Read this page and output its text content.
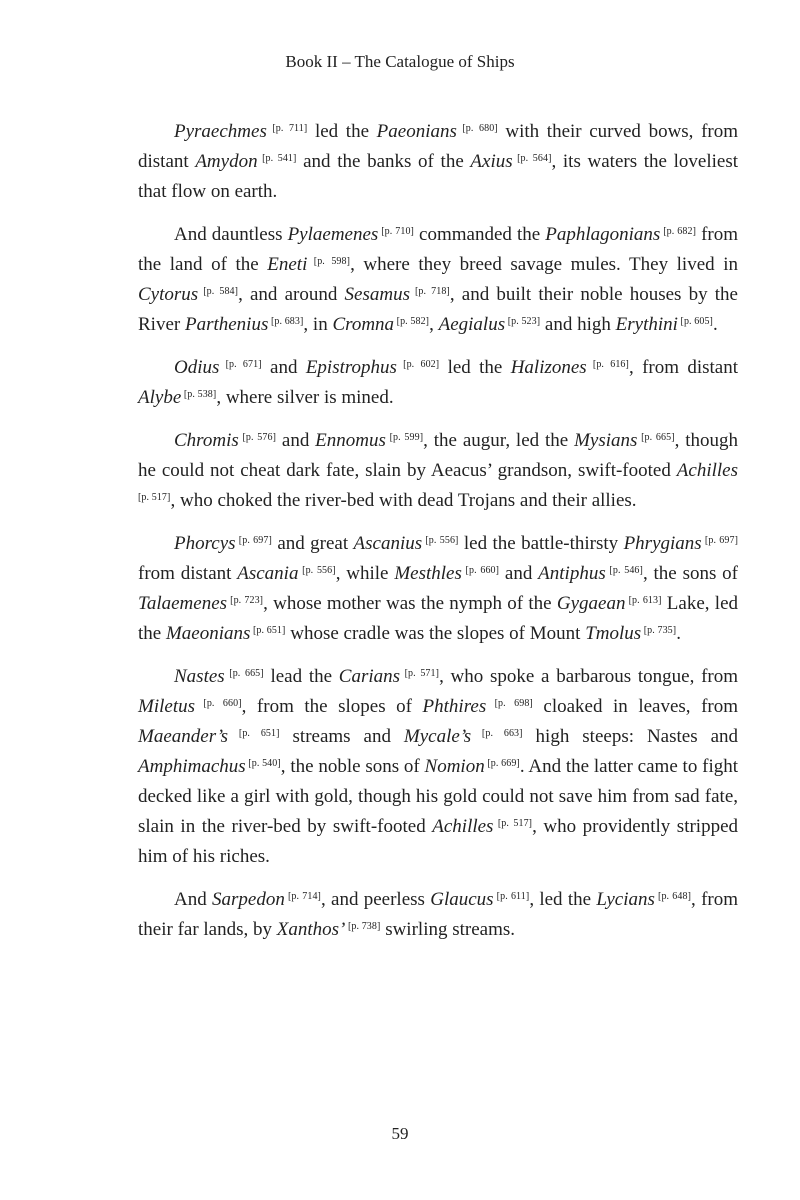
Book II – The Catalogue of Ships

Pyraechmes [p. 711] led the Paeonians [p. 680] with their curved bows, from distant Amydon [p. 541] and the banks of the Axius [p. 564], its waters the loveliest that flow on earth.

And dauntless Pylaemenes [p. 710] commanded the Paphlagonians [p. 682] from the land of the Eneti [p. 598], where they breed savage mules. They lived in Cytorus [p. 584], and around Sesamus [p. 718], and built their noble houses by the River Parthenius [p. 683], in Cromna [p. 582], Aegialus [p. 523] and high Erythini [p. 605].

Odius [p. 671] and Epistrophus [p. 602] led the Halizones [p. 616], from distant Alybe [p. 538], where silver is mined.

Chromis [p. 576] and Ennomus [p. 599], the augur, led the Mysians [p. 665], though he could not cheat dark fate, slain by Aeacus’ grandson, swift-footed Achilles [p. 517], who choked the river-bed with dead Trojans and their allies.

Phorcys [p. 697] and great Ascanius [p. 556] led the battle-thirsty Phrygians [p. 697] from distant Ascania [p. 556], while Mesthles [p. 660] and Antiphus [p. 546], the sons of Talaemenes [p. 723], whose mother was the nymph of the Gygaean [p. 613] Lake, led the Maeonians [p. 651] whose cradle was the slopes of Mount Tmolus [p. 735].

Nastes [p. 665] lead the Carians [p. 571], who spoke a barbarous tongue, from Miletus [p. 660], from the slopes of Phthires [p. 698] cloaked in leaves, from Maeander’s [p. 651] streams and Mycale’s [p. 663] high steeps: Nastes and Amphimachus [p. 540], the noble sons of Nomion [p. 669]. And the latter came to fight decked like a girl with gold, though his gold could not save him from sad fate, slain in the river-bed by swift-footed Achilles [p. 517], who providently stripped him of his riches.

And Sarpedon [p. 714], and peerless Glaucus [p. 611], led the Lycians [p. 648], from their far lands, by Xanthos’ [p. 738] swirling streams.

59
